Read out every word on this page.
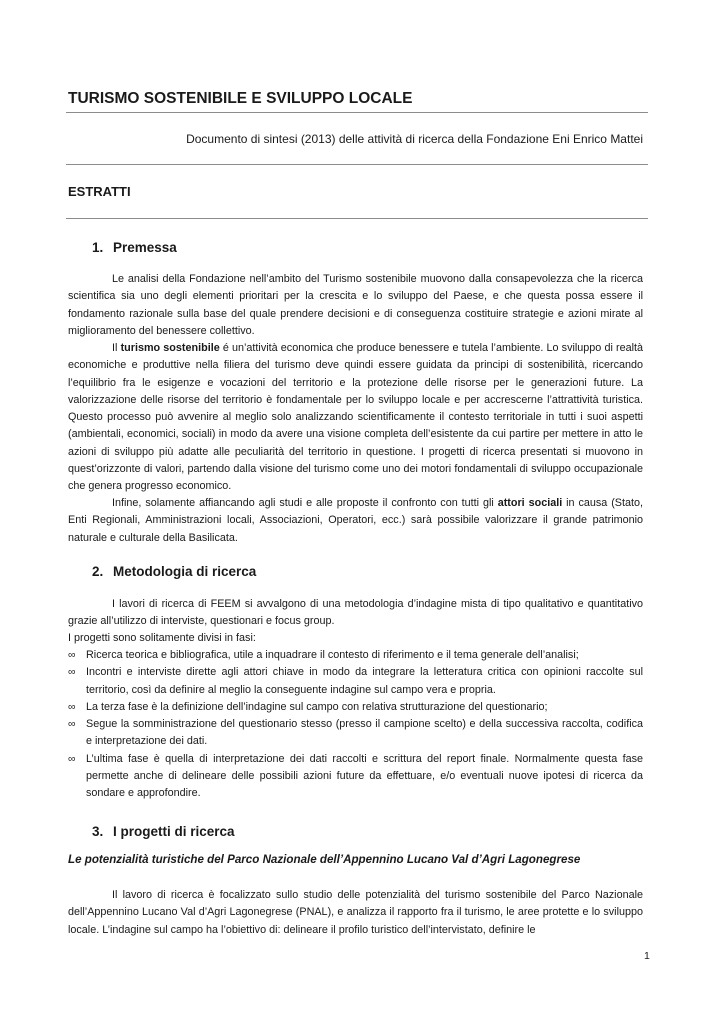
TURISMO SOSTENIBILE E SVILUPPO LOCALE
Documento di sintesi (2013) delle attività di ricerca della Fondazione Eni Enrico Mattei
ESTRATTI
1. Premessa

Le analisi della Fondazione nell’ambito del Turismo sostenibile muovono dalla consapevolezza che la ricerca scientifica sia uno degli elementi prioritari per la crescita e lo sviluppo del Paese, e che questa possa essere il fondamento razionale sulla base del quale prendere decisioni e di conseguenza costituire strategie e azioni mirate al miglioramento del benessere collettivo.

Il turismo sostenibile é un’attività economica che produce benessere e tutela l’ambiente. Lo sviluppo di realtà economiche e produttive nella filiera del turismo deve quindi essere guidata da principi di sostenibilità, ricercando l’equilibrio fra le esigenze e vocazioni del territorio e la protezione delle risorse per le generazioni future. La valorizzazione delle risorse del territorio è fondamentale per lo sviluppo locale e per accrescerne l’attrattività turistica. Questo processo può avvenire al meglio solo analizzando scientificamente il contesto territoriale in tutti i suoi aspetti (ambientali, economici, sociali) in modo da avere una visione completa dell’esistente da cui partire per mettere in atto le azioni di sviluppo più adatte alle peculiarità del territorio in questione. I progetti di ricerca presentati si muovono in quest’orizzonte di valori, partendo dalla visione del turismo come uno dei motori fondamentali di sviluppo occupazionale che genera progresso economico.

Infine, solamente affiancando agli studi e alle proposte il confronto con tutti gli attori sociali in causa (Stato, Enti Regionali, Amministrazioni locali, Associazioni, Operatori, ecc.) sarà possibile valorizzare il grande patrimonio naturale e culturale della Basilicata.

2. Metodologia di ricerca

I lavori di ricerca di FEEM si avvalgono di una metodologia d’indagine mista di tipo qualitativo e quantitativo grazie all’utilizzo di interviste, questionari e focus group.

I progetti sono solitamente divisi in fasi:

∞ Ricerca teorica e bibliografica, utile a inquadrare il contesto di riferimento e il tema generale dell’analisi;
∞ Incontri e interviste dirette agli attori chiave in modo da integrare la letteratura critica con opinioni raccolte sul territorio, così da definire al meglio la conseguente indagine sul campo vera e propria.
∞ La terza fase è la definizione dell’indagine sul campo con relativa strutturazione del questionario;
∞ Segue la somministrazione del questionario stesso (presso il campione scelto) e della successiva raccolta, codifica e interpretazione dei dati.
∞ L’ultima fase è quella di interpretazione dei dati raccolti e scrittura del report finale. Normalmente questa fase permette anche di delineare delle possibili azioni future da effettuare, e/o eventuali nuove ipotesi di ricerca da sondare e approfondire.
3. I progetti di ricerca
Le potenzialità turistiche del Parco Nazionale dell’Appennino Lucano Val d’Agri Lagonegrese

Il lavoro di ricerca è focalizzato sullo studio delle potenzialità del turismo sostenibile del Parco Nazionale dell’Appennino Lucano Val d’Agri Lagonegrese (PNAL), e analizza il rapporto fra il turismo, le aree protette e lo sviluppo locale. L’indagine sul campo ha l’obiettivo di: delineare il profilo turistico dell’intervistato, definire le

1
